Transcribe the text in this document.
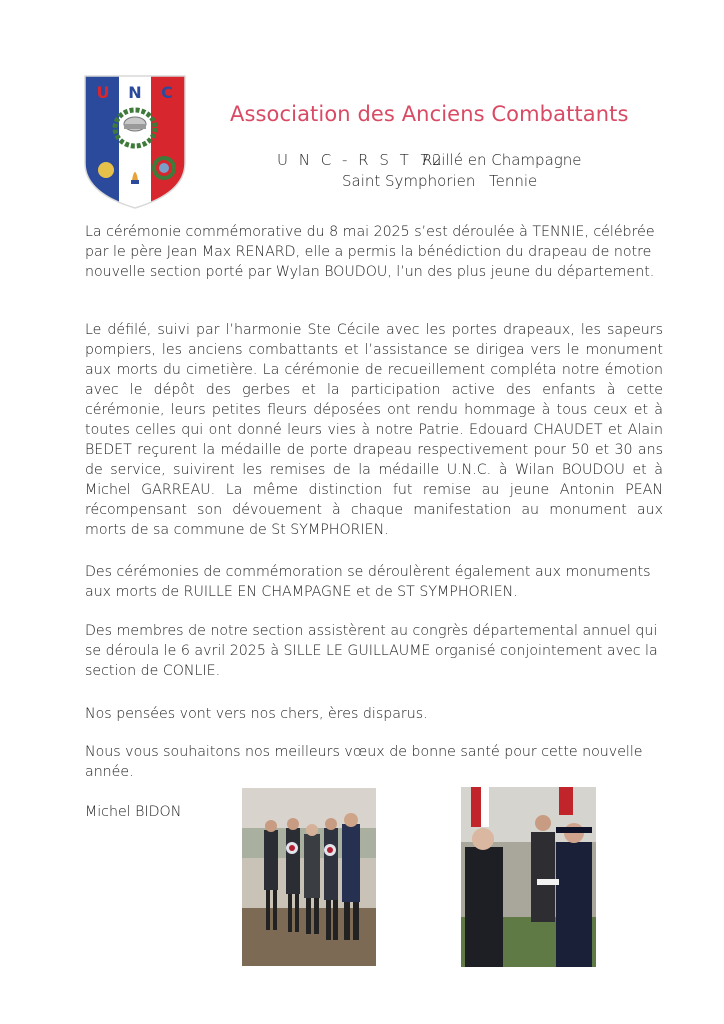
U N C
Association des Anciens Combattants
U N C - R S T 72
Ruillé en Champagne
Saint Symphorien Tennie

La cérémonie commémorative du 8 mai 2025 s’est déroulée à TENNIE, célébrée par le père Jean Max RENARD, elle a permis la bénédiction du drapeau de notre nouvelle section porté par Wylan BOUDOU, l’un des plus jeune du département.

Le défilé, suivi par l’harmonie Ste Cécile avec les portes drapeaux, les sapeurs pompiers, les anciens combattants et l’assistance se dirigea vers le monument aux morts du cimetière. La cérémonie de recueillement compléta notre émotion avec le dépôt des gerbes et la participation active des enfants à cette cérémonie, leurs petites fleurs déposées ont rendu hommage à tous ceux et à toutes celles qui ont donné leurs vies à notre Patrie. Edouard CHAUDET et Alain BEDET reçurent la médaille de porte drapeau respectivement pour 50 et 30 ans de service, suivirent les remises de la médaille U.N.C. à Wilan BOUDOU et à Michel GARREAU. La même distinction fut remise au jeune Antonin PEAN récompensant son dévouement à chaque manifestation au monument aux morts de sa commune de St SYMPHORIEN.

Des cérémonies de commémoration se déroulèrent également aux monuments aux morts de RUILLE EN CHAMPAGNE et de ST SYMPHORIEN.

Des membres de notre section assistèrent au congrès départemental annuel qui se déroula le 6 avril 2025 à SILLE LE GUILLAUME organisé conjointement avec la section de CONLIE.

Nos pensées vont vers nos chers, ères disparus.

Nous vous souhaitons nos meilleurs vœux de bonne santé pour cette nouvelle année.

Michel BIDON
